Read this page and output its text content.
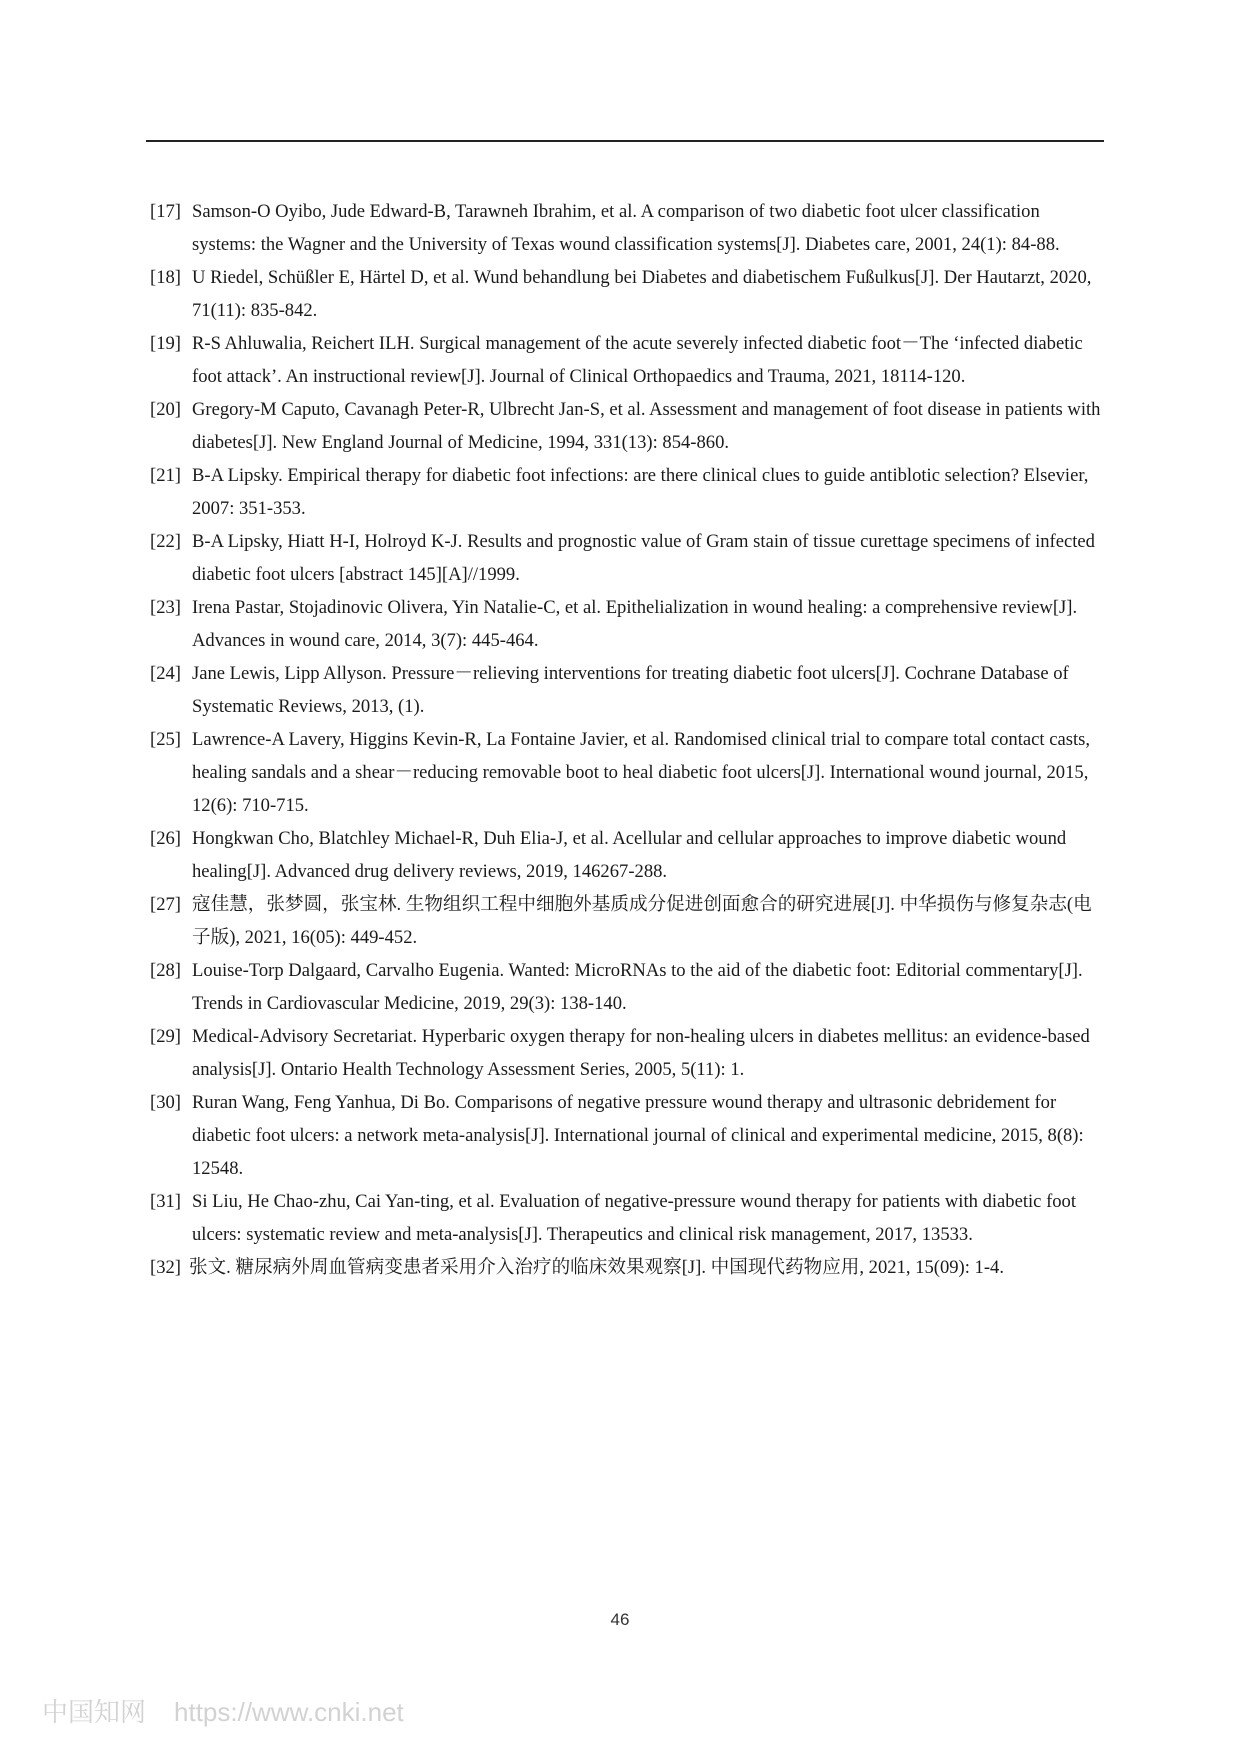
[17] Samson-O Oyibo, Jude Edward-B, Tarawneh Ibrahim, et al. A comparison of two diabetic foot ulcer classification systems: the Wagner and the University of Texas wound classification systems[J]. Diabetes care, 2001, 24(1): 84-88.
[18] U Riedel, Schüßler E, Härtel D, et al. Wund behandlung bei Diabetes and diabetischem Fußulkus[J]. Der Hautarzt, 2020, 71(11): 835-842.
[19] R-S Ahluwalia, Reichert ILH. Surgical management of the acute severely infected diabetic foot－The ‘infected diabetic foot attack’. An instructional review[J]. Journal of Clinical Orthopaedics and Trauma, 2021, 18114-120.
[20] Gregory-M Caputo, Cavanagh Peter-R, Ulbrecht Jan-S, et al. Assessment and management of foot disease in patients with diabetes[J]. New England Journal of Medicine, 1994, 331(13): 854-860.
[21] B-A Lipsky. Empirical therapy for diabetic foot infections: are there clinical clues to guide antiblotic selection? Elsevier, 2007: 351-353.
[22] B-A Lipsky, Hiatt H-I, Holroyd K-J. Results and prognostic value of Gram stain of tissue curettage specimens of infected diabetic foot ulcers [abstract 145][A]//1999.
[23] Irena Pastar, Stojadinovic Olivera, Yin Natalie-C, et al. Epithelialization in wound healing: a comprehensive review[J]. Advances in wound care, 2014, 3(7): 445-464.
[24] Jane Lewis, Lipp Allyson. Pressure－relieving interventions for treating diabetic foot ulcers[J]. Cochrane Database of Systematic Reviews, 2013, (1).
[25] Lawrence-A Lavery, Higgins Kevin-R, La Fontaine Javier, et al. Randomised clinical trial to compare total contact casts, healing sandals and a shear－reducing removable boot to heal diabetic foot ulcers[J]. International wound journal, 2015, 12(6): 710-715.
[26] Hongkwan Cho, Blatchley Michael-R, Duh Elia-J, et al. Acellular and cellular approaches to improve diabetic wound healing[J]. Advanced drug delivery reviews, 2019, 146267-288.
[27] 寇佳慧，张梦圆，张宝林. 生物组织工程中细胞外基质成分促进创面愈合的研究进展[J]. 中华损伤与修复杂志(电子版), 2021, 16(05): 449-452.
[28] Louise-Torp Dalgaard, Carvalho Eugenia. Wanted: MicroRNAs to the aid of the diabetic foot: Editorial commentary[J]. Trends in Cardiovascular Medicine, 2019, 29(3): 138-140.
[29] Medical-Advisory Secretariat. Hyperbaric oxygen therapy for non-healing ulcers in diabetes mellitus: an evidence-based analysis[J]. Ontario Health Technology Assessment Series, 2005, 5(11): 1.
[30] Ruran Wang, Feng Yanhua, Di Bo. Comparisons of negative pressure wound therapy and ultrasonic debridement for diabetic foot ulcers: a network meta-analysis[J]. International journal of clinical and experimental medicine, 2015, 8(8): 12548.
[31] Si Liu, He Chao-zhu, Cai Yan-ting, et al. Evaluation of negative-pressure wound therapy for patients with diabetic foot ulcers: systematic review and meta-analysis[J]. Therapeutics and clinical risk management, 2017, 13533.
[32] 张文. 糖尿病外周血管病变患者采用介入治疗的临床效果观察[J]. 中国现代药物应用, 2021, 15(09): 1-4.
46
中国知网 https://www.cnki.net
